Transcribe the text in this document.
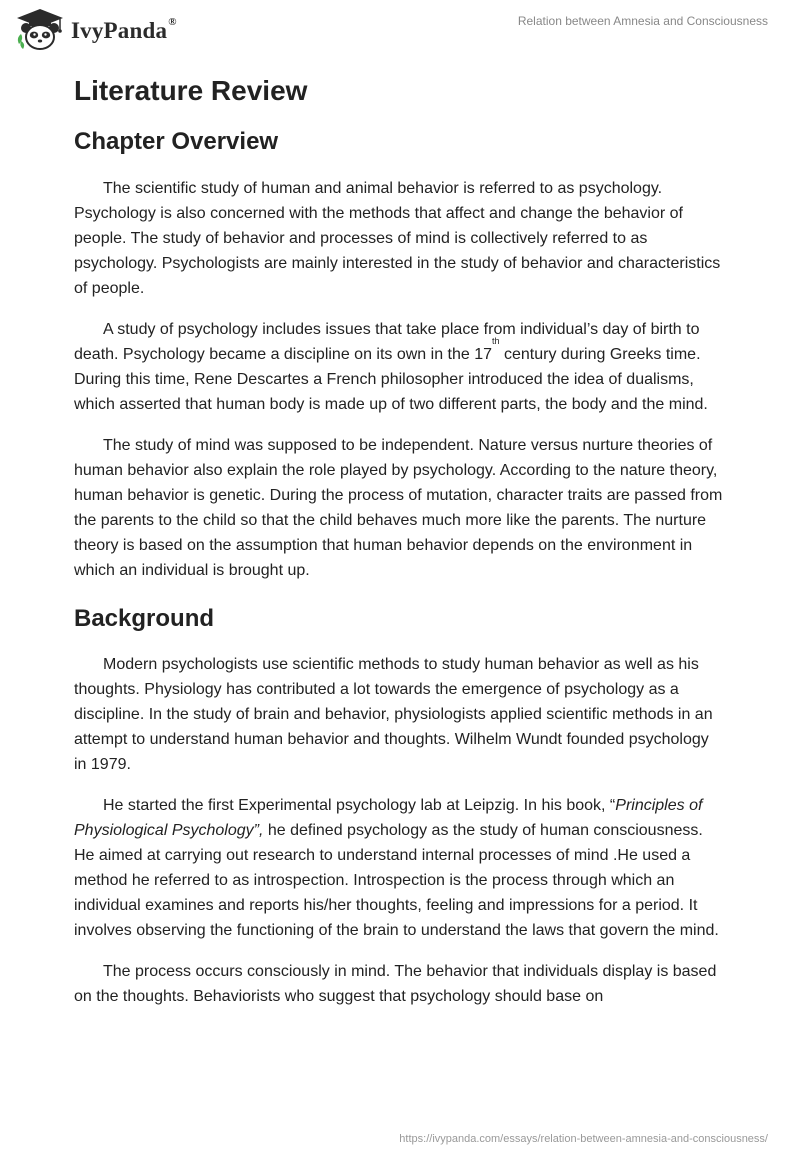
IvyPanda®	Relation between Amnesia and Consciousness
Literature Review
Chapter Overview

The scientific study of human and animal behavior is referred to as psychology. Psychology is also concerned with the methods that affect and change the behavior of people. The study of behavior and processes of mind is collectively referred to as psychology. Psychologists are mainly interested in the study of behavior and characteristics of people.

A study of psychology includes issues that take place from individual’s day of birth to death. Psychology became a discipline on its own in the 17th century during Greeks time. During this time, Rene Descartes a French philosopher introduced the idea of dualisms, which asserted that human body is made up of two different parts, the body and the mind.

The study of mind was supposed to be independent. Nature versus nurture theories of human behavior also explain the role played by psychology. According to the nature theory, human behavior is genetic. During the process of mutation, character traits are passed from the parents to the child so that the child behaves much more like the parents. The nurture theory is based on the assumption that human behavior depends on the environment in which an individual is brought up.

Background

Modern psychologists use scientific methods to study human behavior as well as his thoughts. Physiology has contributed a lot towards the emergence of psychology as a discipline. In the study of brain and behavior, physiologists applied scientific methods in an attempt to understand human behavior and thoughts. Wilhelm Wundt founded psychology in 1979.

He started the first Experimental psychology lab at Leipzig. In his book, “Principles of Physiological Psychology”, he defined psychology as the study of human consciousness. He aimed at carrying out research to understand internal processes of mind .He used a method he referred to as introspection. Introspection is the process through which an individual examines and reports his/her thoughts, feeling and impressions for a period. It involves observing the functioning of the brain to understand the laws that govern the mind.

The process occurs consciously in mind. The behavior that individuals display is based on the thoughts. Behaviorists who suggest that psychology should base on

https://ivypanda.com/essays/relation-between-amnesia-and-consciousness/
